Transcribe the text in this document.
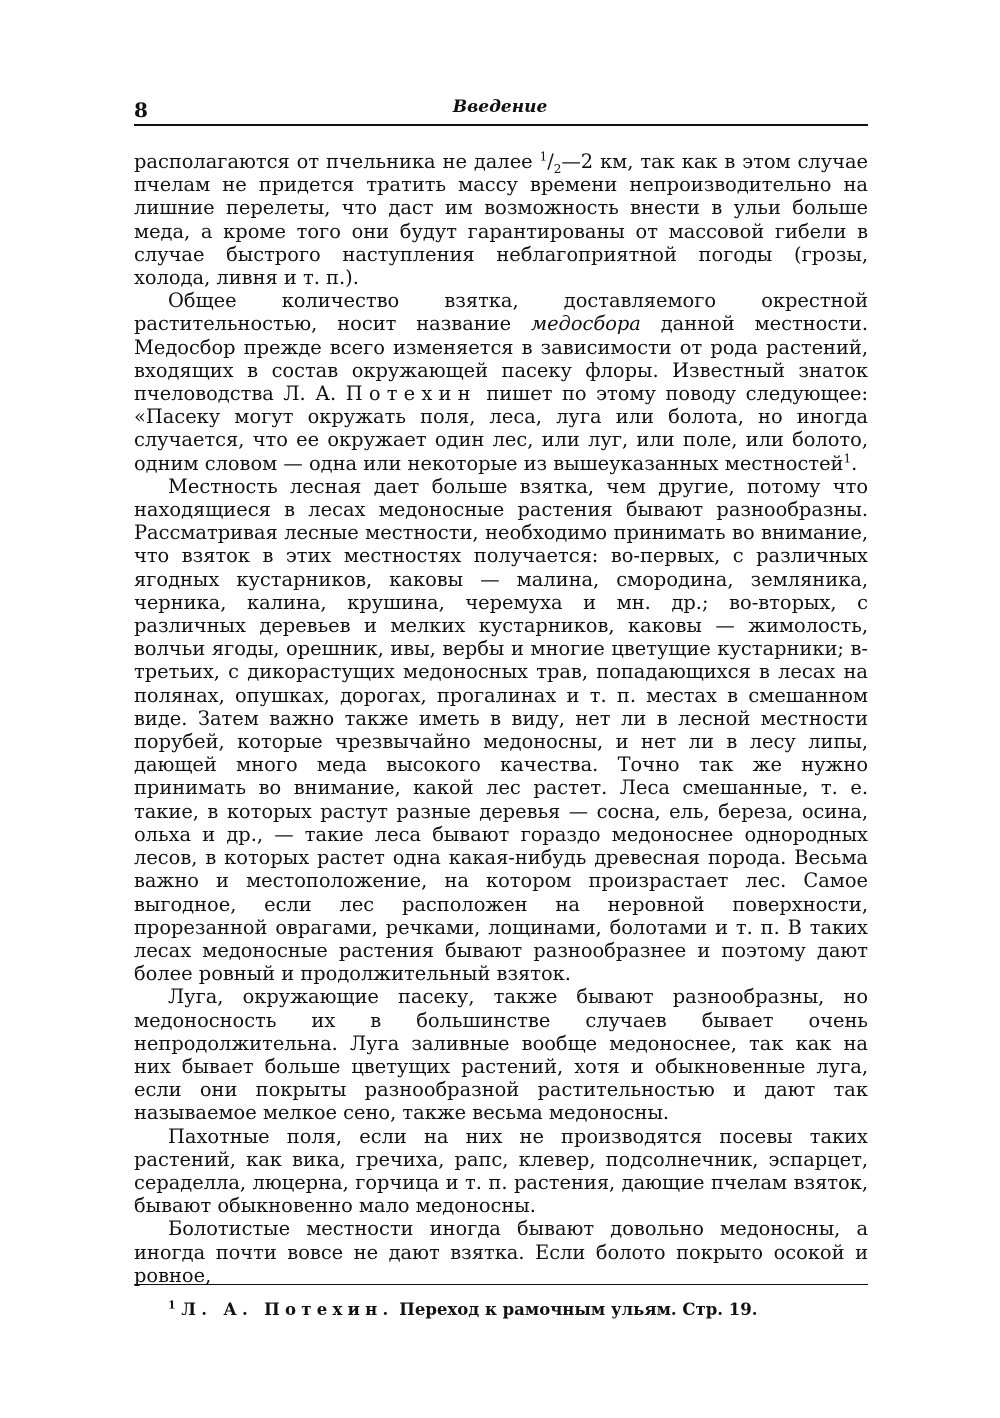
8	Введение

располагаются от пчельника не далее $^1/_2—2$ км, так как в этом случае пчелам не придется тратить массу времени непроизводительно на лишние перелеты, что даст им возможность внести в ульи больше меда, а кроме того они будут гарантированы от массовой гибели в случае быстрого наступления неблагоприятной погоды (грозы, холода, ливня и т. п.).

Общее количество взятка, доставляемого окрестной растительностью, носит название медосбора данной местности. Медосбор прежде всего изменяется в зависимости от рода растений, входящих в состав окружающей пасеку флоры. Известный знаток пчеловодства Л. А. Потехин пишет по этому поводу следующее: «Пасеку могут окружать поля, леса, луга или болота, но иногда случается, что ее окружает один лес, или луг, или поле, или болото, одним словом — одна или некоторые из вышеуказанных местностей$^1$.

Местность лесная дает больше взятка, чем другие, потому что находящиеся в лесах медоносные растения бывают разнообразны. Рассматривая лесные местности, необходимо принимать во внимание, что взяток в этих местностях получается: во-первых, с различных ягодных кустарников, каковы — малина, смородина, земляника, черника, калина, крушина, черемуха и мн. др.; во-вторых, с различных деревьев и мелких кустарников, каковы — жимолость, волчьи ягоды, орешник, ивы, вербы и многие цветущие кустарники; в-третьих, с дикорастущих медоносных трав, попадающихся в лесах на полянах, опушках, дорогах, прогалинах и т. п. местах в смешанном виде. Затем важно также иметь в виду, нет ли в лесной местности порубей, которые чрезвычайно медоносны, и нет ли в лесу липы, дающей много меда высокого качества. Точно так же нужно принимать во внимание, какой лес растет. Леса смешанные, т. е. такие, в которых растут разные деревья — сосна, ель, береза, осина, ольха и др., — такие леса бывают гораздо медоноснее однородных лесов, в которых растет одна какая-нибудь древесная порода. Весьма важно и местоположение, на котором произрастает лес. Самое выгодное, если лес расположен на неровной поверхности, прорезанной оврагами, речками, лощинами, болотами и т. п. В таких лесах медоносные растения бывают разнообразнее и поэтому дают более ровный и продолжительный взяток.

Луга, окружающие пасеку, также бывают разнообразны, но медоносность их в большинстве случаев бывает очень непродолжительна. Луга заливные вообще медоноснее, так как на них бывает больше цветущих растений, хотя и обыкновенные луга, если они покрыты разнообразной растительностью и дают так называемое мелкое сено, также весьма медоносны.

Пахотные поля, если на них не производятся посевы таких растений, как вика, гречиха, рапс, клевер, подсолнечник, эспарцет, сераделла, люцерна, горчица и т. п. растения, дающие пчелам взяток, бывают обыкновенно мало медоносны.

Болотистые местности иногда бывают довольно медоносны, а иногда почти вовсе не дают взятка. Если болото покрыто осокой и ровное,

$^1$ Л. А. Потехин. Переход к рамочным ульям. Стр. 19.
